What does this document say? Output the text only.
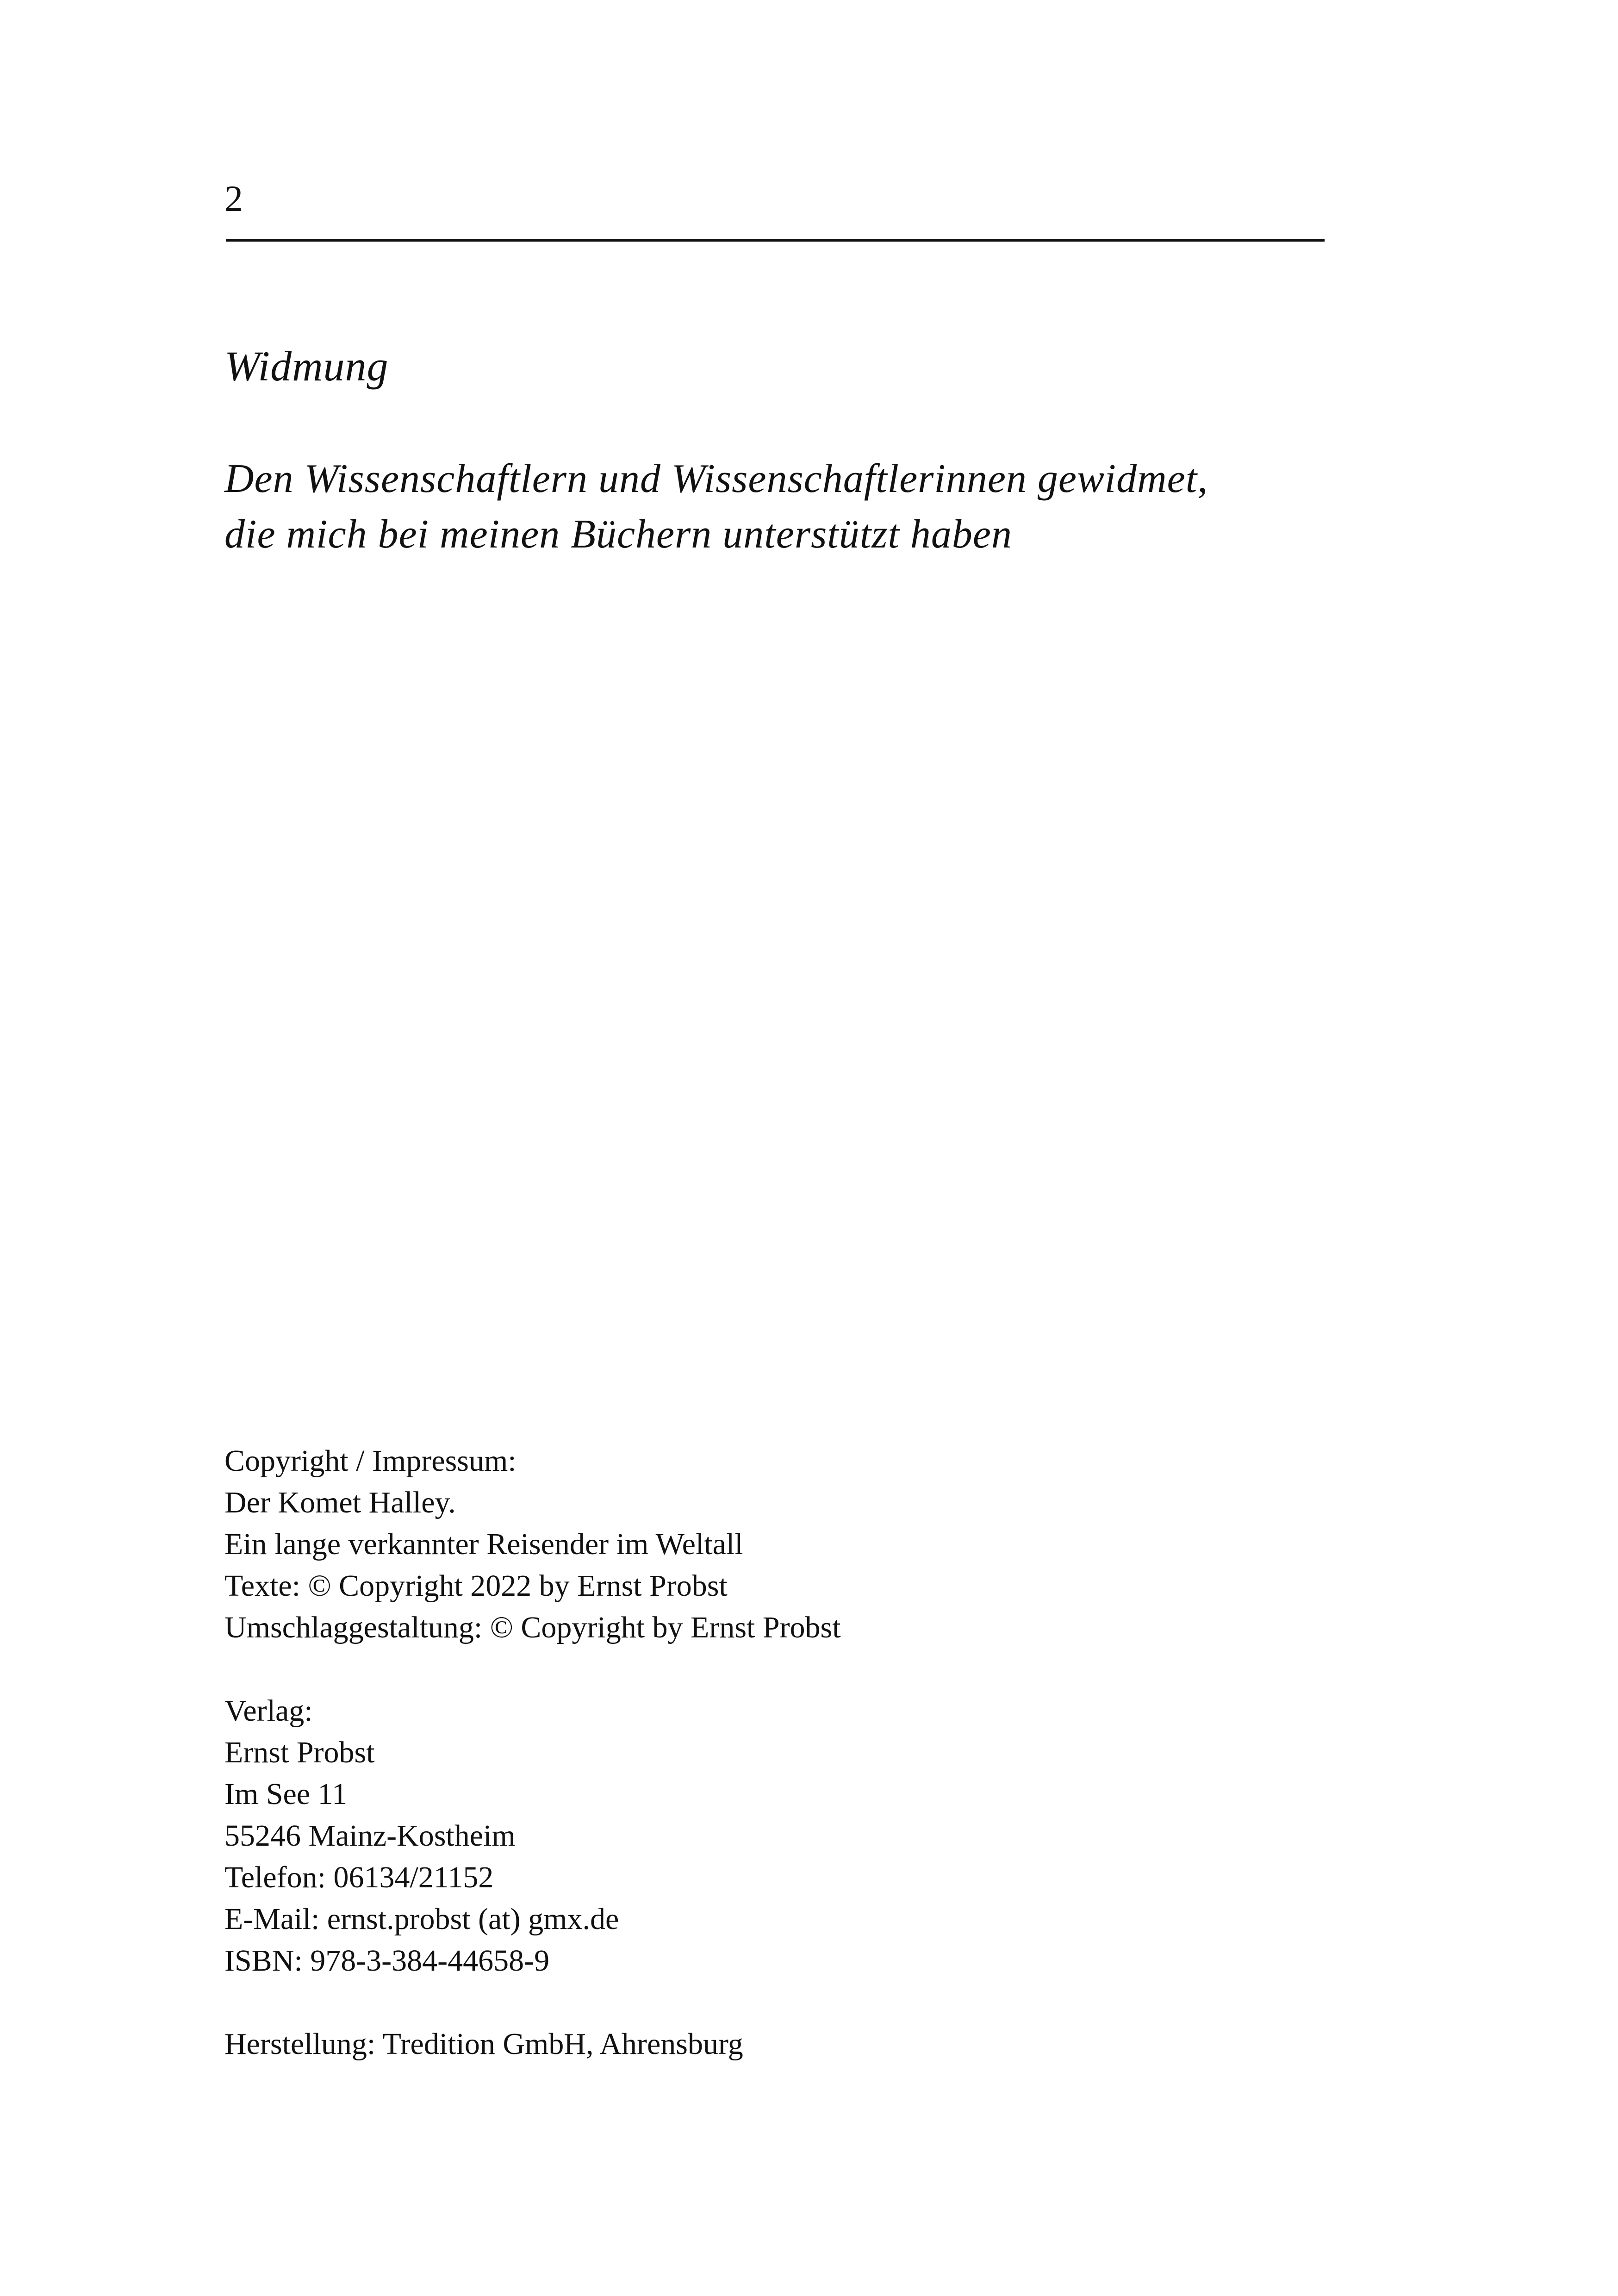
2
Widmung
Den Wissenschaftlern und Wissenschaftlerinnen gewidmet,
die mich bei meinen Büchern unterstützt haben
Copyright / Impressum:
Der Komet Halley.
Ein lange verkannter Reisender im Weltall
Texte: © Copyright 2022 by Ernst Probst
Umschlaggestaltung: © Copyright by Ernst Probst
Verlag:
Ernst Probst
Im See 11
55246 Mainz-Kostheim
Telefon: 06134/21152
E-Mail: ernst.probst (at) gmx.de
ISBN: 978-3-384-44658-9
Herstellung: Tredition GmbH, Ahrensburg
